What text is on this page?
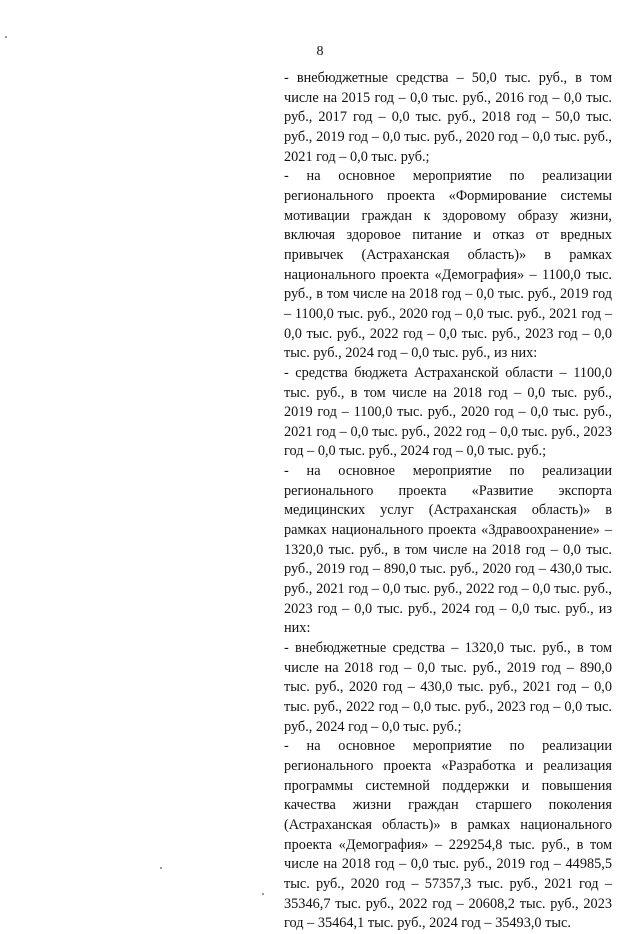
8

- внебюджетные средства – 50,0 тыс. руб., в том числе на 2015 год – 0,0 тыс. руб., 2016 год – 0,0 тыс. руб., 2017 год – 0,0 тыс. руб., 2018 год – 50,0 тыс. руб., 2019 год – 0,0 тыс. руб., 2020 год – 0,0 тыс. руб., 2021 год – 0,0 тыс. руб.;

- на основное мероприятие по реализации регионального проекта «Формирование системы мотивации граждан к здоровому образу жизни, включая здоровое питание и отказ от вредных привычек (Астраханская область)» в рамках национального проекта «Демография» – 1100,0 тыс. руб., в том числе на 2018 год – 0,0 тыс. руб., 2019 год – 1100,0 тыс. руб., 2020 год – 0,0 тыс. руб., 2021 год – 0,0 тыс. руб., 2022 год – 0,0 тыс. руб., 2023 год – 0,0 тыс. руб., 2024 год – 0,0 тыс. руб., из них:

- средства бюджета Астраханской области – 1100,0 тыс. руб., в том числе на 2018 год – 0,0 тыс. руб., 2019 год – 1100,0 тыс. руб., 2020 год – 0,0 тыс. руб., 2021 год – 0,0 тыс. руб., 2022 год – 0,0 тыс. руб., 2023 год – 0,0 тыс. руб., 2024 год – 0,0 тыс. руб.;

- на основное мероприятие по реализации регионального проекта «Развитие экспорта медицинских услуг (Астраханская область)» в рамках национального проекта «Здравоохранение» – 1320,0 тыс. руб., в том числе на 2018 год – 0,0 тыс. руб., 2019 год – 890,0 тыс. руб., 2020 год – 430,0 тыс. руб., 2021 год – 0,0 тыс. руб., 2022 год – 0,0 тыс. руб., 2023 год – 0,0 тыс. руб., 2024 год – 0,0 тыс. руб., из них:

- внебюджетные средства – 1320,0 тыс. руб., в том числе на 2018 год – 0,0 тыс. руб., 2019 год – 890,0 тыс. руб., 2020 год – 430,0 тыс. руб., 2021 год – 0,0 тыс. руб., 2022 год – 0,0 тыс. руб., 2023 год – 0,0 тыс. руб., 2024 год – 0,0 тыс. руб.;

- на основное мероприятие по реализации регионального проекта «Разработка и реализация программы системной поддержки и повышения качества жизни граждан старшего поколения (Астраханская область)» в рамках национального проекта «Демография» – 229254,8 тыс. руб., в том числе на 2018 год – 0,0 тыс. руб., 2019 год – 44985,5 тыс. руб., 2020 год – 57357,3 тыс. руб., 2021 год – 35346,7 тыс. руб., 2022 год – 20608,2 тыс. руб., 2023 год – 35464,1 тыс. руб., 2024 год – 35493,0 тыс.
